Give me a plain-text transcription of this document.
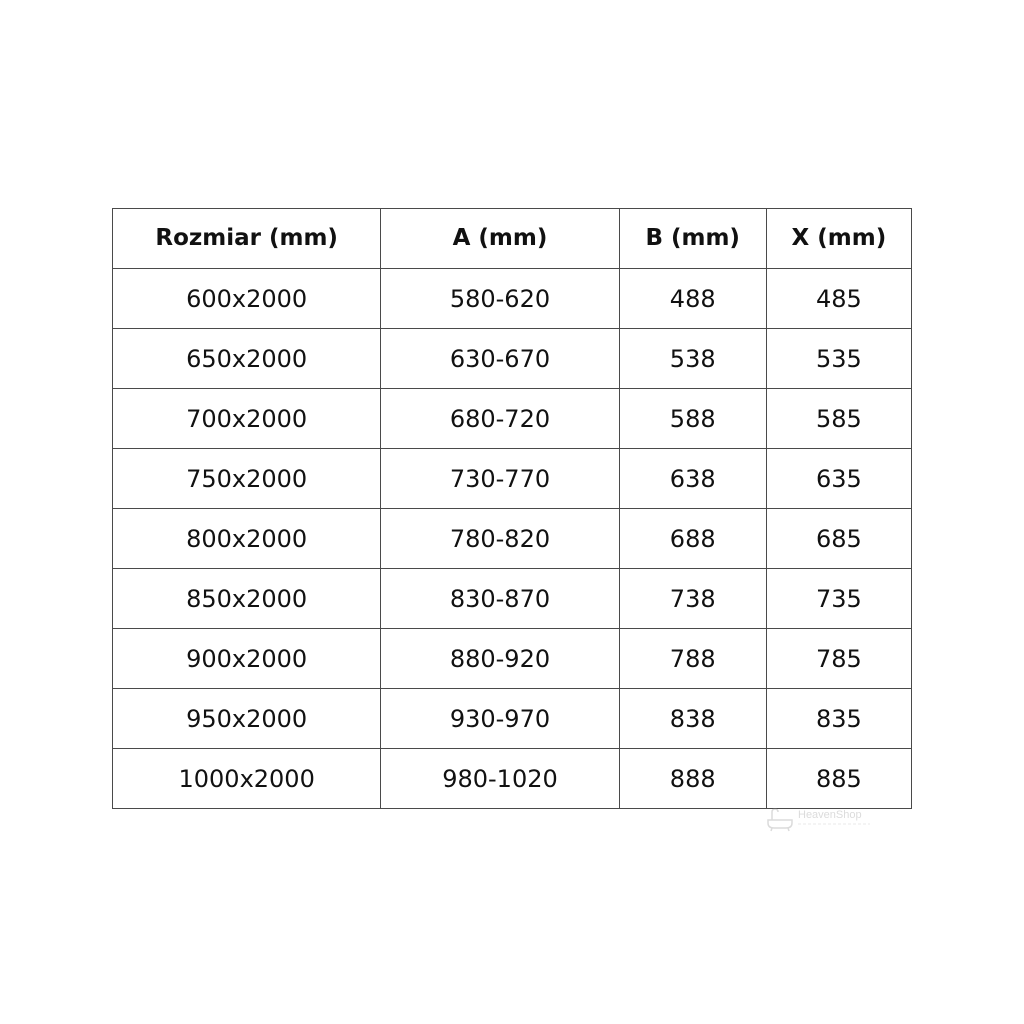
Rozmiar (mm)	A (mm)	B (mm)	X (mm)
600x2000	580-620	488	485
650x2000	630-670	538	535
700x2000	680-720	588	585
750x2000	730-770	638	635
800x2000	780-820	688	685
850x2000	830-870	738	735
900x2000	880-920	788	785
950x2000	930-970	838	835
1000x2000	980-1020	888	885
HeavenShop
